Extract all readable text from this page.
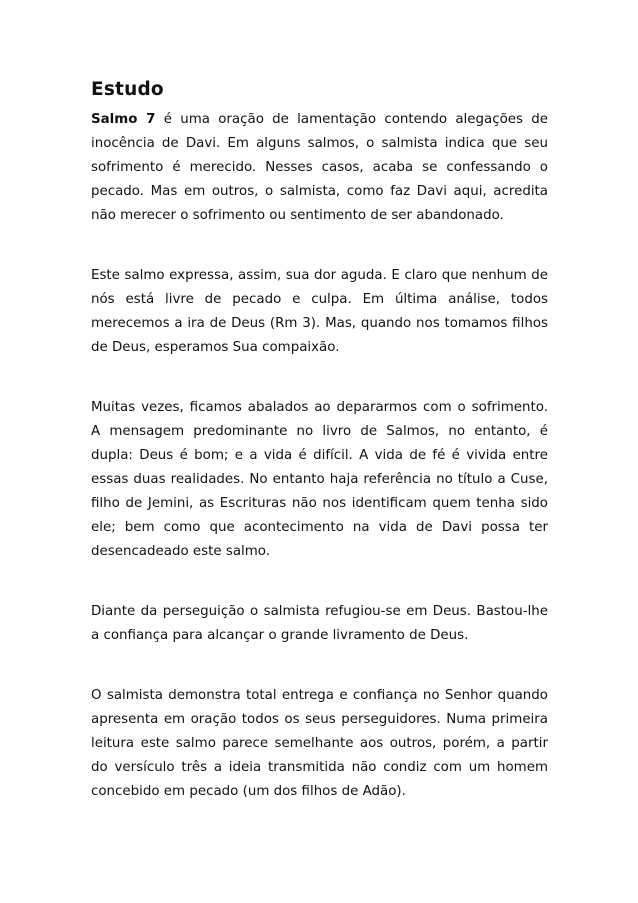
Estudo

Salmo 7 é uma oração de lamentação contendo alegações de inocência de Davi. Em alguns salmos, o salmista indica que seu sofrimento é merecido. Nesses casos, acaba se confessando o pecado. Mas em outros, o salmista, como faz Davi aqui, acredita não merecer o sofrimento ou sentimento de ser abandonado.

Este salmo expressa, assim, sua dor aguda. E claro que nenhum de nós está livre de pecado e culpa. Em última análise, todos merecemos a ira de Deus (Rm 3). Mas, quando nos tomamos filhos de Deus, esperamos Sua compaixão.

Muitas vezes, ficamos abalados ao depararmos com o sofrimento. A mensagem predominante no livro de Salmos, no entanto, é dupla: Deus é bom; e a vida é difícil. A vida de fé é vivida entre essas duas realidades. No entanto haja referência no título a Cuse, filho de Jemini, as Escrituras não nos identificam quem tenha sido ele; bem como que acontecimento na vida de Davi possa ter desencadeado este salmo.

Diante da perseguição o salmista refugiou-se em Deus. Bastou-lhe a confiança para alcançar o grande livramento de Deus.

O salmista demonstra total entrega e confiança no Senhor quando apresenta em oração todos os seus perseguidores. Numa primeira leitura este salmo parece semelhante aos outros, porém, a partir do versículo três a ideia transmitida não condiz com um homem concebido em pecado (um dos filhos de Adão).
